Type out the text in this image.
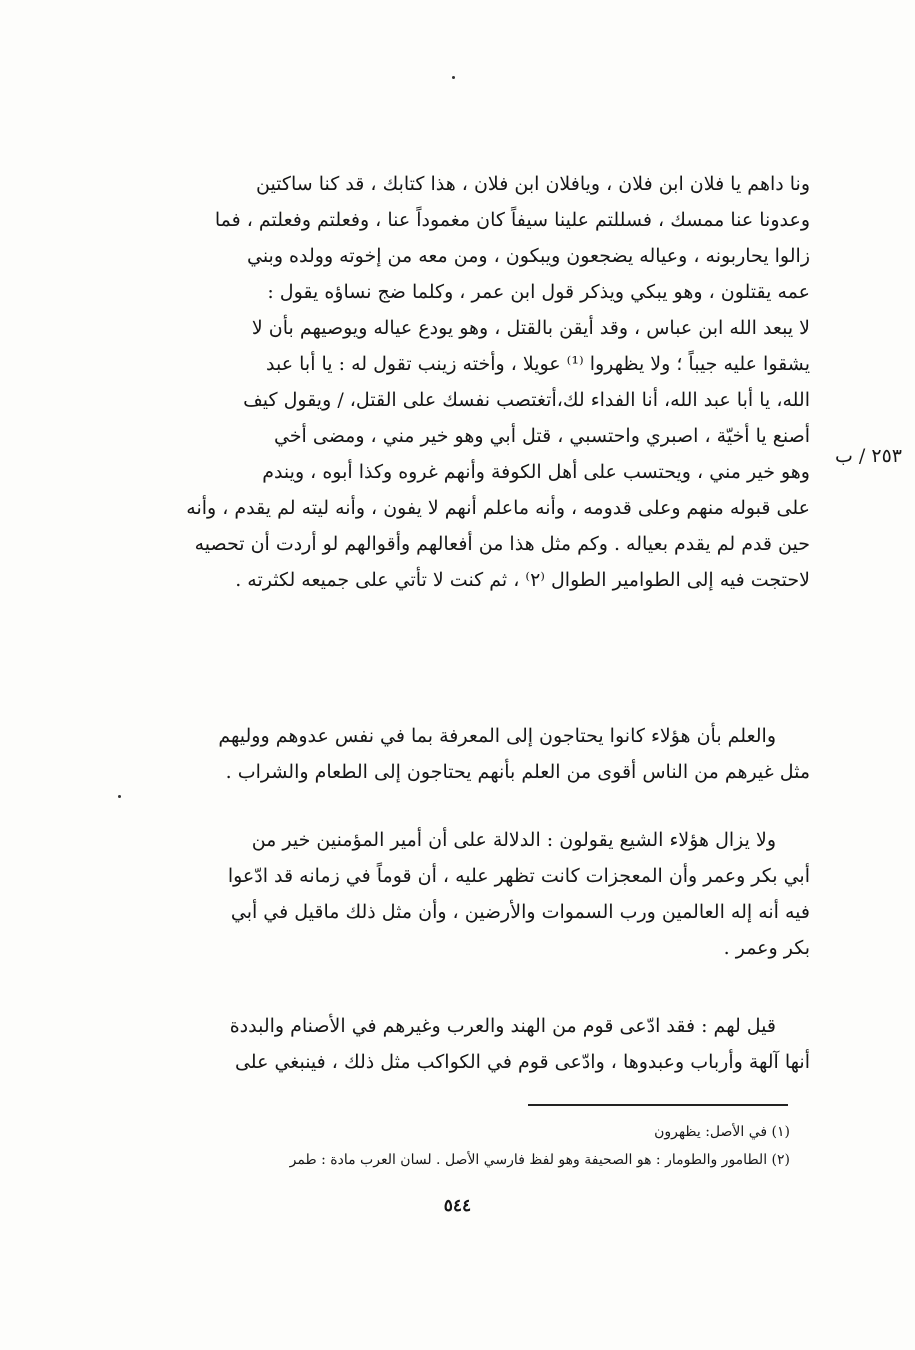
٢٥٣ / ب
ونا داهم يا فلان ابن فلان ، ويافلان ابن فلان ، هذا كتابك ، قد كنا ساكتين
وعدونا عنا ممسك ، فسللتم علينا سيفاً كان مغموداً عنا ، وفعلتم وفعلتم ، فما
زالوا يحاربونه ، وعياله يضجعون ويبكون ، ومن معه من إخوته وولده وبني
عمه يقتلون ، وهو يبكي ويذكر قول ابن عمر ، وكلما ضج نساؤه يقول :
لا يبعد الله ابن عباس ، وقد أيقن بالقتل ، وهو يودع عياله ويوصيهم بأن لا
يشقوا عليه جيباً ؛ ولا يظهروا ⁽¹⁾ عويلا ، وأخته زينب تقول له : يا أبا عبد
الله، يا أبا عبد الله، أنا الفداء لك،أتغتصب نفسك على القتل، / ويقول كيف
أصنع يا أخيّة ، اصبري واحتسبي ، قتل أبي وهو خير مني ، ومضى أخي
وهو خير مني ، ويحتسب على أهل الكوفة وأنهم غروه وكذا أبوه ، ويندم
على قبوله منهم وعلى قدومه ، وأنه ماعلم أنهم لا يفون ، وأنه ليته لم يقدم ، وأنه
حين قدم لم يقدم بعياله . وكم مثل هذا من أفعالهم وأقوالهم لو أردت أن تحصيه
لاحتجت فيه إلى الطوامير الطوال ⁽٢⁾ ، ثم كنت لا تأتي على جميعه لكثرته .
والعلم بأن هؤلاء كانوا يحتاجون إلى المعرفة بما في نفس عدوهم ووليهم
مثل غيرهم من الناس أقوى من العلم بأنهم يحتاجون إلى الطعام والشراب .
ولا يزال هؤلاء الشيع يقولون : الدلالة على أن أمير المؤمنين خير من
أبي بكر وعمر وأن المعجزات كانت تظهر عليه ، أن قوماً في زمانه قد ادّعوا
فيه أنه إله العالمين ورب السموات والأرضين ، وأن مثل ذلك ماقيل في أبي
بكر وعمر .
قيل لهم : فقد ادّعى قوم من الهند والعرب وغيرهم في الأصنام والبددة
أنها آلهة وأرباب وعبدوها ، وادّعى قوم في الكواكب مثل ذلك ، فينبغي على
(١) في الأصل: يظهرون
(٢) الطامور والطومار : هو الصحيفة وهو لفظ فارسي الأصل . لسان العرب مادة : طمر
٥٤٤
